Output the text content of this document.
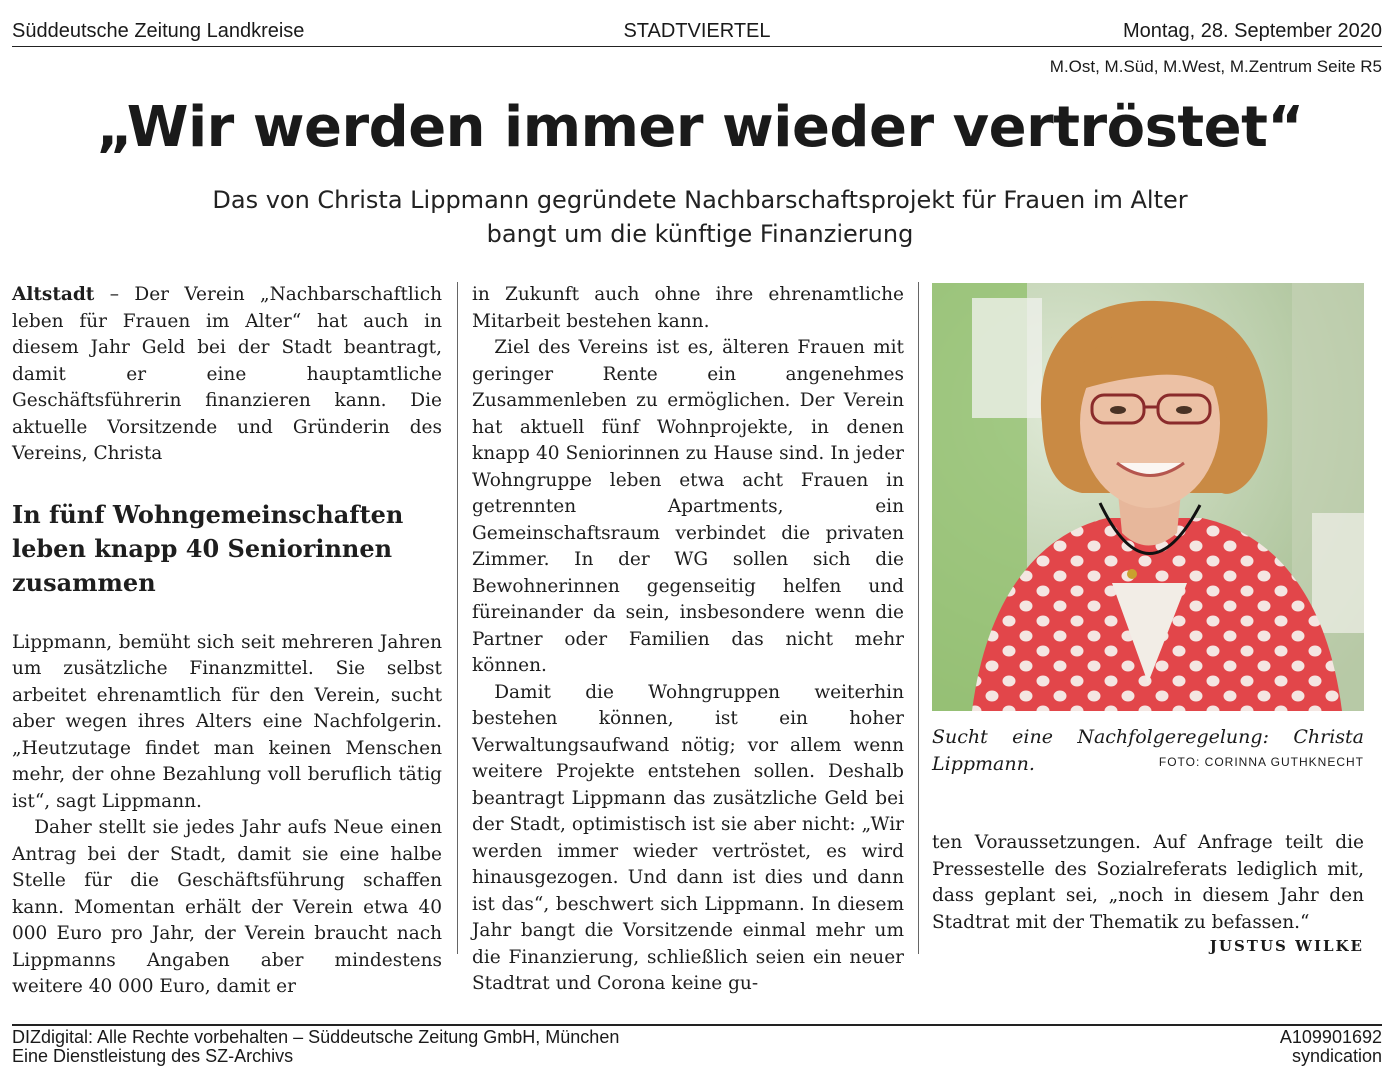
Süddeutsche Zeitung Landkreise	STADTVIERTEL	Montag, 28. September 2020
M.Ost, M.Süd, M.West, M.Zentrum Seite R5
„Wir werden immer wieder vertröstet“

Das von Christa Lippmann gegründete Nachbarschaftsprojekt für Frauen im Alter

bangt um die künftige Finanzierung

Altstadt – Der Verein „Nachbarschaftlich leben für Frauen im Alter“ hat auch in diesem Jahr Geld bei der Stadt beantragt, damit er eine hauptamtliche Geschäftsführerin finanzieren kann. Die aktuelle Vorsitzende und Gründerin des Vereins, Christa

In fünf Wohngemeinschaften leben knapp 40 Seniorinnen zusammen

Lippmann, bemüht sich seit mehreren Jahren um zusätzliche Finanzmittel. Sie selbst arbeitet ehrenamtlich für den Verein, sucht aber wegen ihres Alters eine Nachfolgerin. „Heutzutage findet man keinen Menschen mehr, der ohne Bezahlung voll beruflich tätig ist“, sagt Lippmann.

Daher stellt sie jedes Jahr aufs Neue einen Antrag bei der Stadt, damit sie eine halbe Stelle für die Geschäftsführung schaffen kann. Momentan erhält der Verein etwa 40 000 Euro pro Jahr, der Verein braucht nach Lippmanns Angaben aber mindestens weitere 40 000 Euro, damit er

in Zukunft auch ohne ihre ehrenamtliche Mitarbeit bestehen kann.

Ziel des Vereins ist es, älteren Frauen mit geringer Rente ein angenehmes Zusammenleben zu ermöglichen. Der Verein hat aktuell fünf Wohnprojekte, in denen knapp 40 Seniorinnen zu Hause sind. In jeder Wohngruppe leben etwa acht Frauen in getrennten Apartments, ein Gemeinschaftsraum verbindet die privaten Zimmer. In der WG sollen sich die Bewohnerinnen gegenseitig helfen und füreinander da sein, insbesondere wenn die Partner oder Familien das nicht mehr können.

Damit die Wohngruppen weiterhin bestehen können, ist ein hoher Verwaltungsaufwand nötig; vor allem wenn weitere Projekte entstehen sollen. Deshalb beantragt Lippmann das zusätzliche Geld bei der Stadt, optimistisch ist sie aber nicht: „Wir werden immer wieder vertröstet, es wird hinausgezogen. Und dann ist dies und dann ist das“, beschwert sich Lippmann. In diesem Jahr bangt die Vorsitzende einmal mehr um die Finanzierung, schließlich seien ein neuer Stadtrat und Corona keine gu-

Sucht eine Nachfolgeregelung: Christa
Lippmann.	FOTO: CORINNA GUTHKNECHT

ten Voraussetzungen. Auf Anfrage teilt die Pressestelle des Sozialreferats lediglich mit, dass geplant sei, „noch in diesem Jahr den Stadtrat mit der Thematik zu befassen.“

JUSTUS WILKE
DIZdigital: Alle Rechte vorbehalten – Süddeutsche Zeitung GmbH, München
Eine Dienstleistung des SZ-Archivs
A109901692
syndication
